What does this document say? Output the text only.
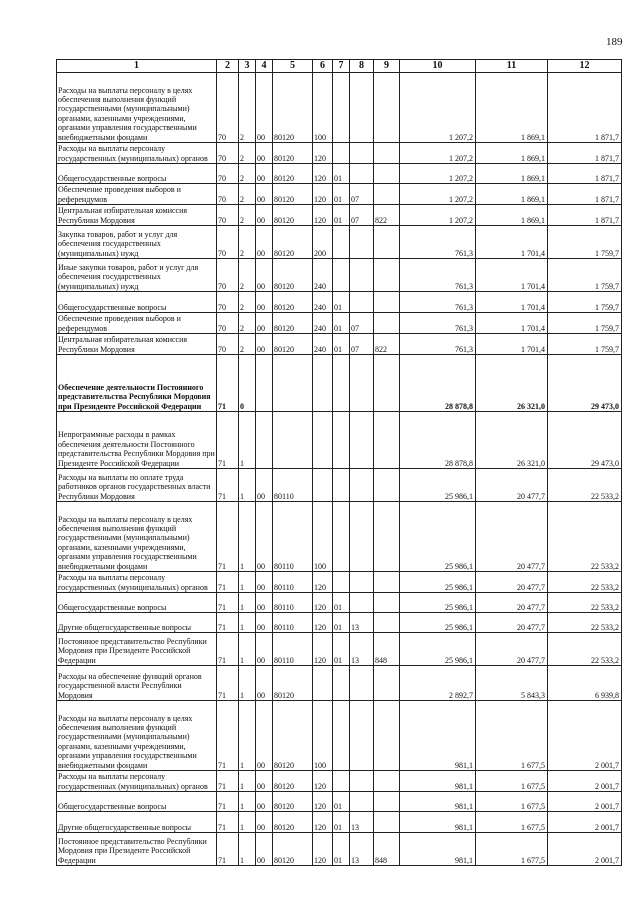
189
1	2	3	4	5	6	7	8	9	10	11	12
Расходы на выплаты персоналу в целях обеспечения выполнения функций государственными (муниципальными) органами, казенными учреждениями, органами управления государственными внебюджетными фондами	70	2	00	80120	100				1 207,2	1 869,1	1 871,7
Расходы на выплаты персоналу государственных (муниципальных) органов	70	2	00	80120	120				1 207,2	1 869,1	1 871,7
Общегосударственные вопросы	70	2	00	80120	120	01			1 207,2	1 869,1	1 871,7
Обеспечение проведения выборов и референдумов	70	2	00	80120	120	01	07		1 207,2	1 869,1	1 871,7
Центральная избирательная комиссия Республики Мордовия	70	2	00	80120	120	01	07	822	1 207,2	1 869,1	1 871,7
Закупка товаров, работ и услуг для обеспечения государственных (муниципальных) нужд	70	2	00	80120	200				761,3	1 701,4	1 759,7
Иные закупки товаров, работ и услуг для обеспечения государственных (муниципальных) нужд	70	2	00	80120	240				761,3	1 701,4	1 759,7
Общегосударственные вопросы	70	2	00	80120	240	01			761,3	1 701,4	1 759,7
Обеспечение проведения выборов и референдумов	70	2	00	80120	240	01	07		761,3	1 701,4	1 759,7
Центральная избирательная комиссия Республики Мордовия	70	2	00	80120	240	01	07	822	761,3	1 701,4	1 759,7
Обеспечение деятельности Постоянного представительства Республики Мордовия при Президенте Российской Федерации	71	0							28 878,8	26 321,0	29 473,0
Непрограммные расходы в рамках обеспечения деятельности Постоянного представительства Республики Мордовия при Президенте Российской Федерации	71	1							28 878,8	26 321,0	29 473,0
Расходы на выплаты по оплате труда работников органов государственных власти Республики Мордовия	71	1	00	80110					25 986,1	20 477,7	22 533,2
Расходы на выплаты персоналу в целях обеспечения выполнения функций государственными (муниципальными) органами, казенными учреждениями, органами управления государственными внебюджетными фондами	71	1	00	80110	100				25 986,1	20 477,7	22 533,2
Расходы на выплаты персоналу государственных (муниципальных) органов	71	1	00	80110	120				25 986,1	20 477,7	22 533,2
Общегосударственные вопросы	71	1	00	80110	120	01			25 986,1	20 477,7	22 533,2
Другие общегосударственные вопросы	71	1	00	80110	120	01	13		25 986,1	20 477,7	22 533,2
Постоянное представительство Республики Мордовия при Президенте Российской Федерации	71	1	00	80110	120	01	13	848	25 986,1	20 477,7	22 533,2
Расходы на обеспечение функций органов государственной власти Республики Мордовия	71	1	00	80120					2 892,7	5 843,3	6 939,8
Расходы на выплаты персоналу в целях обеспечения выполнения функций государственными (муниципальными) органами, казенными учреждениями, органами управления государственными внебюджетными фондами	71	1	00	80120	100				981,1	1 677,5	2 001,7
Расходы на выплаты персоналу государственных (муниципальных) органов	71	1	00	80120	120				981,1	1 677,5	2 001,7
Общегосударственные вопросы	71	1	00	80120	120	01			981,1	1 677,5	2 001,7
Другие общегосударственные вопросы	71	1	00	80120	120	01	13		981,1	1 677,5	2 001,7
Постоянное представительство Республики Мордовия при Президенте Российской Федерации	71	1	00	80120	120	01	13	848	981,1	1 677,5	2 001,7
